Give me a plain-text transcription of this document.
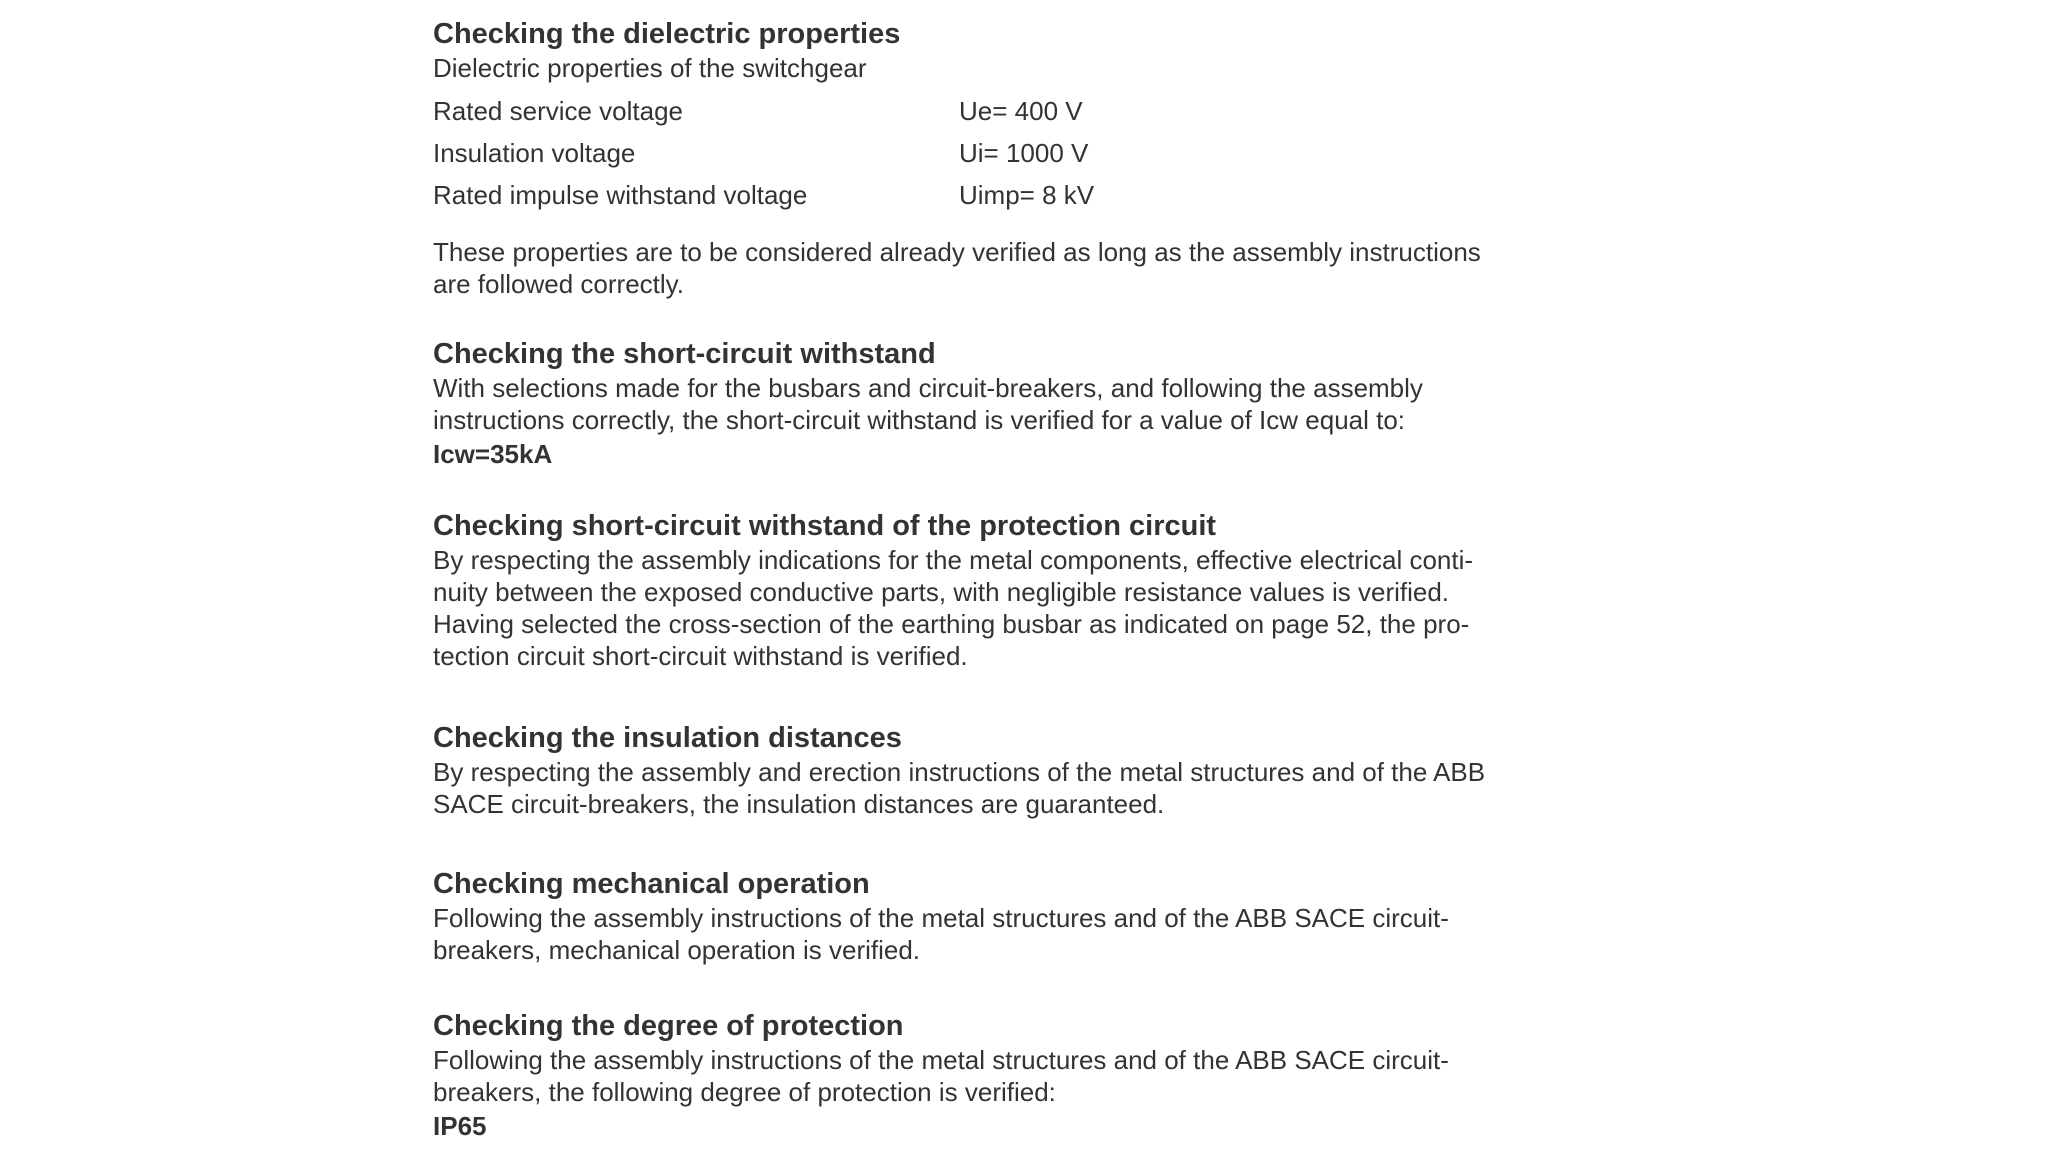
Checking the dielectric properties

Dielectric properties of the switchgear

Rated service voltage	Ue= 400 V
Insulation voltage	Ui= 1000 V
Rated impulse withstand voltage	Uimp= 8 kV

These properties are to be considered already verified as long as the assembly instructions

are followed correctly.

Checking the short-circuit withstand

With selections made for the busbars and circuit-breakers, and following the assembly

instructions correctly, the short-circuit withstand is verified for a value of Icw equal to:

Icw=35kA
Checking short-circuit withstand of the protection circuit

By respecting the assembly indications for the metal components, effective electrical conti-

nuity between the exposed conductive parts, with negligible resistance values is verified.

Having selected the cross-section of the earthing busbar as indicated on page 52, the pro-

tection circuit short-circuit withstand is verified.

Checking the insulation distances

By respecting the assembly and erection instructions of the metal structures and of the ABB

SACE circuit-breakers, the insulation distances are guaranteed.

Checking mechanical operation

Following the assembly instructions of the metal structures and of the ABB SACE circuit-

breakers, mechanical operation is verified.

Checking the degree of protection

Following the assembly instructions of the metal structures and of the ABB SACE circuit-

breakers, the following degree of protection is verified:

IP65
